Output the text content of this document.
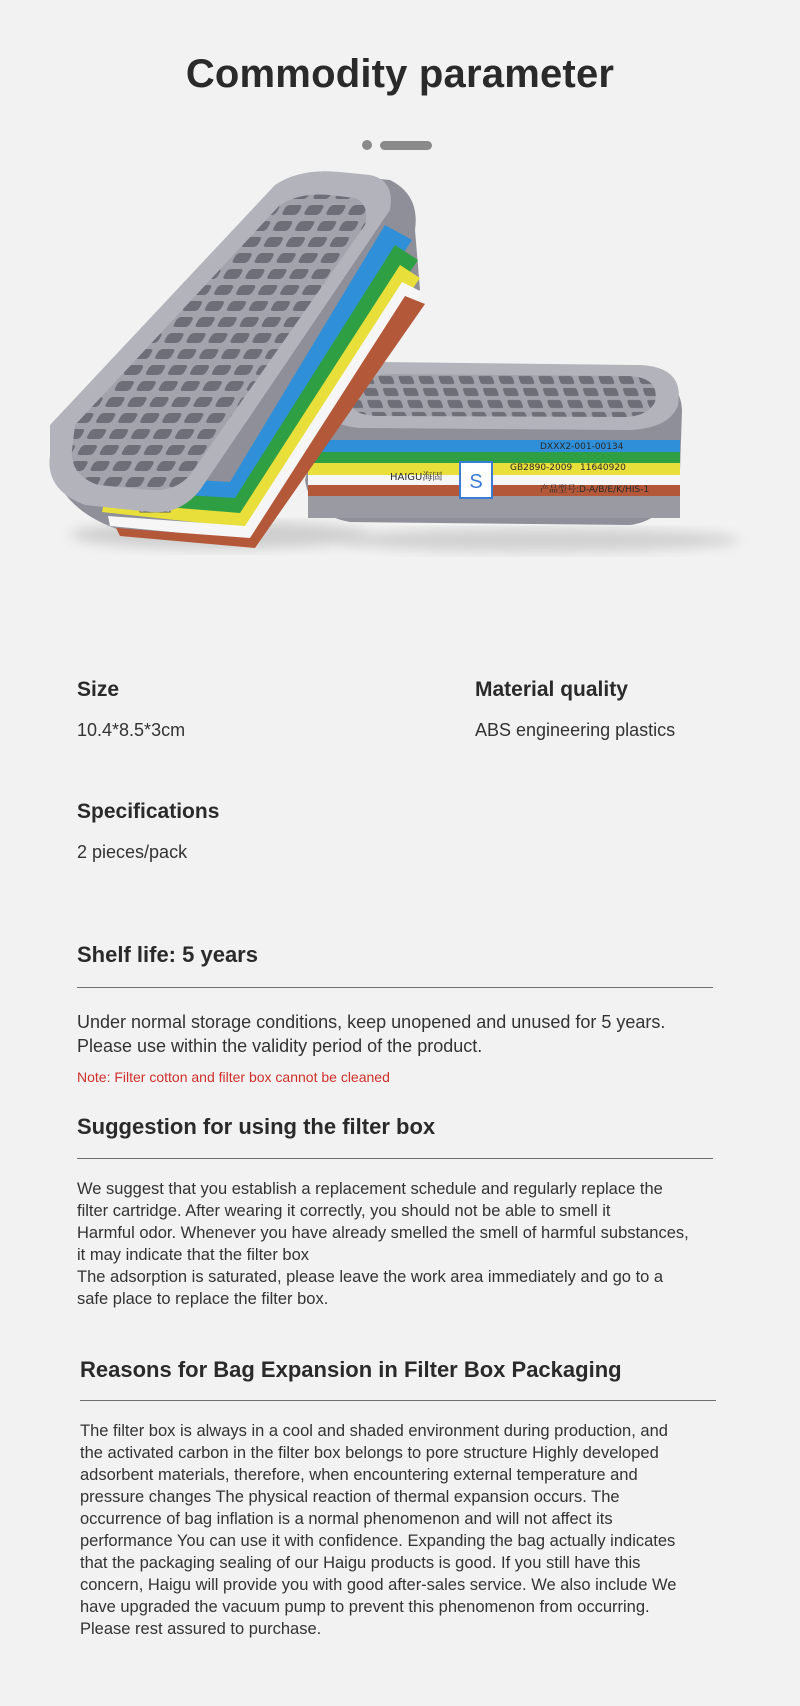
Commodity parameter
S
HAIGU海固
GB2890-2009 11640920
产品型号:D-A/B/E/K/HIS-1
DXXX2-001-00134
Size
10.4*8.5*3cm
Material quality
ABS engineering plastics
Specifications
2 pieces/pack
Shelf life: 5 years
Under normal storage conditions, keep unopened and unused for 5 years.
Please use within the validity period of the product.
Note: Filter cotton and filter box cannot be cleaned
Suggestion for using the filter box
We suggest that you establish a replacement schedule and regularly replace the
filter cartridge. After wearing it correctly, you should not be able to smell it
Harmful odor. Whenever you have already smelled the smell of harmful substances,
it may indicate that the filter box
The adsorption is saturated, please leave the work area immediately and go to a
safe place to replace the filter box.
Reasons for Bag Expansion in Filter Box Packaging
The filter box is always in a cool and shaded environment during production, and
the activated carbon in the filter box belongs to pore structure Highly developed
adsorbent materials, therefore, when encountering external temperature and
pressure changes The physical reaction of thermal expansion occurs. The
occurrence of bag inflation is a normal phenomenon and will not affect its
performance You can use it with confidence. Expanding the bag actually indicates
that the packaging sealing of our Haigu products is good. If you still have this
concern, Haigu will provide you with good after-sales service. We also include We
have upgraded the vacuum pump to prevent this phenomenon from occurring.
Please rest assured to purchase.
